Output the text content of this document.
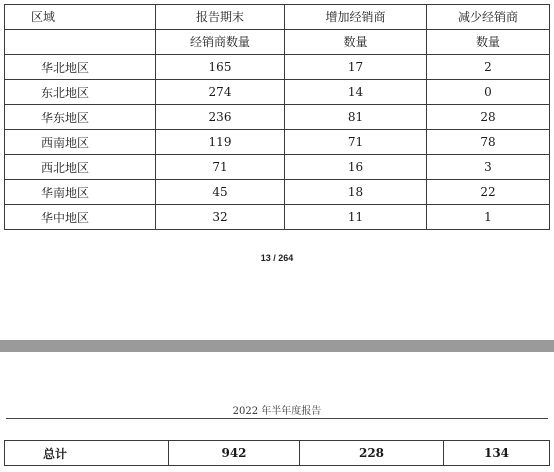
区域	报告期末	增加经销商	减少经销商
	经销商数量	数量	数量
华北地区	165	17	2
东北地区	274	14	0
华东地区	236	81	28
西南地区	119	71	78
西北地区	71	16	3
华南地区	45	18	22
华中地区	32	11	1
13 / 264
2022 年半年度报告
总计	942	228	134
